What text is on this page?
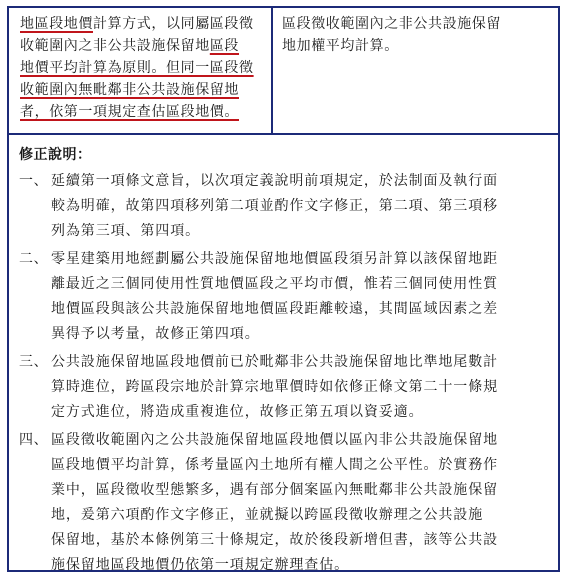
地區段地價計算方式，以同屬區段徵
收範圍內之非公共設施保留地區段
地價平均計算為原則。但同一區段徵
收範圍內無毗鄰非公共設施保留地
者，依第一項規定查估區段地價。
區段徵收範圍內之非公共設施保留
地加權平均計算。
修正說明：
一、 延續第一項條文意旨，以次項定義說明前項規定，於法制面及執行面
較為明確，故第四項移列第二項並酌作文字修正，第二項、第三項移
列為第三項、第四項。
二、 零星建築用地經劃屬公共設施保留地地價區段須另計算以該保留地距
離最近之三個同使用性質地價區段之平均市價，惟若三個同使用性質
地價區段與該公共設施保留地地價區段距離較遠，其間區域因素之差
異得予以考量，故修正第四項。
三、 公共設施保留地區段地價前已於毗鄰非公共設施保留地比準地尾數計
算時進位，跨區段宗地於計算宗地單價時如依修正條文第二十一條規
定方式進位，將造成重複進位，故修正第五項以資妥適。
四、 區段徵收範圍內之公共設施保留地區段地價以區內非公共設施保留地
區段地價平均計算，係考量區內土地所有權人間之公平性。於實務作
業中，區段徵收型態繁多，遇有部分個案區內無毗鄰非公共設施保留
地，爰第六項酌作文字修正，並就擬以跨區段徵收辦理之公共設施
保留地，基於本條例第三十條規定，故於後段新增但書，該等公共設
施保留地區段地價仍依第一項規定辦理查估。
